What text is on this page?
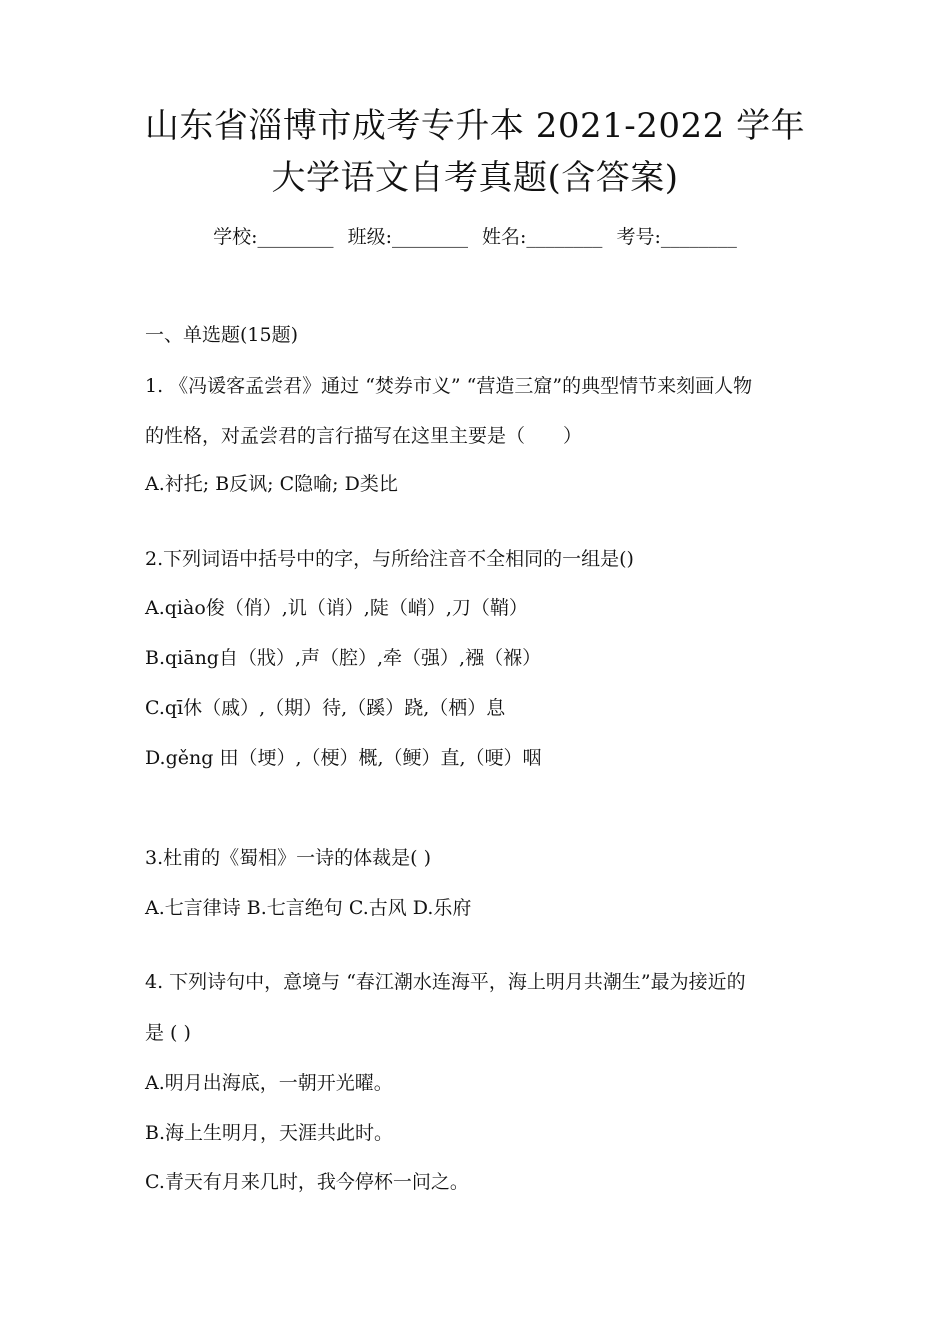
山东省淄博市成考专升本 2021-2022 学年
大学语文自考真题(含答案)
学校:________ 班级:________ 姓名:________ 考号:________
一、单选题(15题)
1. 《冯谖客孟尝君》通过 “焚券市义” “营造三窟”的典型情节来刻画人物
的性格，对孟尝君的言行描写在这里主要是（　　）
A.衬托; B反讽; C隐喻; D类比
2.下列词语中括号中的字，与所给注音不全相同的一组是()
A.qiào俊（俏）,讥（诮）,陡（峭）,刀（鞘）
B.qiāng自（戕）,声（腔）,牵（强）,襁（褓）
C.qī休（戚）,（期）待,（蹊）跷,（栖）息
D.gěng 田（埂）,（梗）概,（鲠）直,（哽）咽
3.杜甫的《蜀相》一诗的体裁是( )
A.七言律诗 B.七言绝句 C.古风 D.乐府
4. 下列诗句中，意境与 “春江潮水连海平，海上明月共潮生”最为接近的
是 ( )
A.明月出海底，一朝开光曜。
B.海上生明月，天涯共此时。
C.青天有月来几时，我今停杯一问之。
